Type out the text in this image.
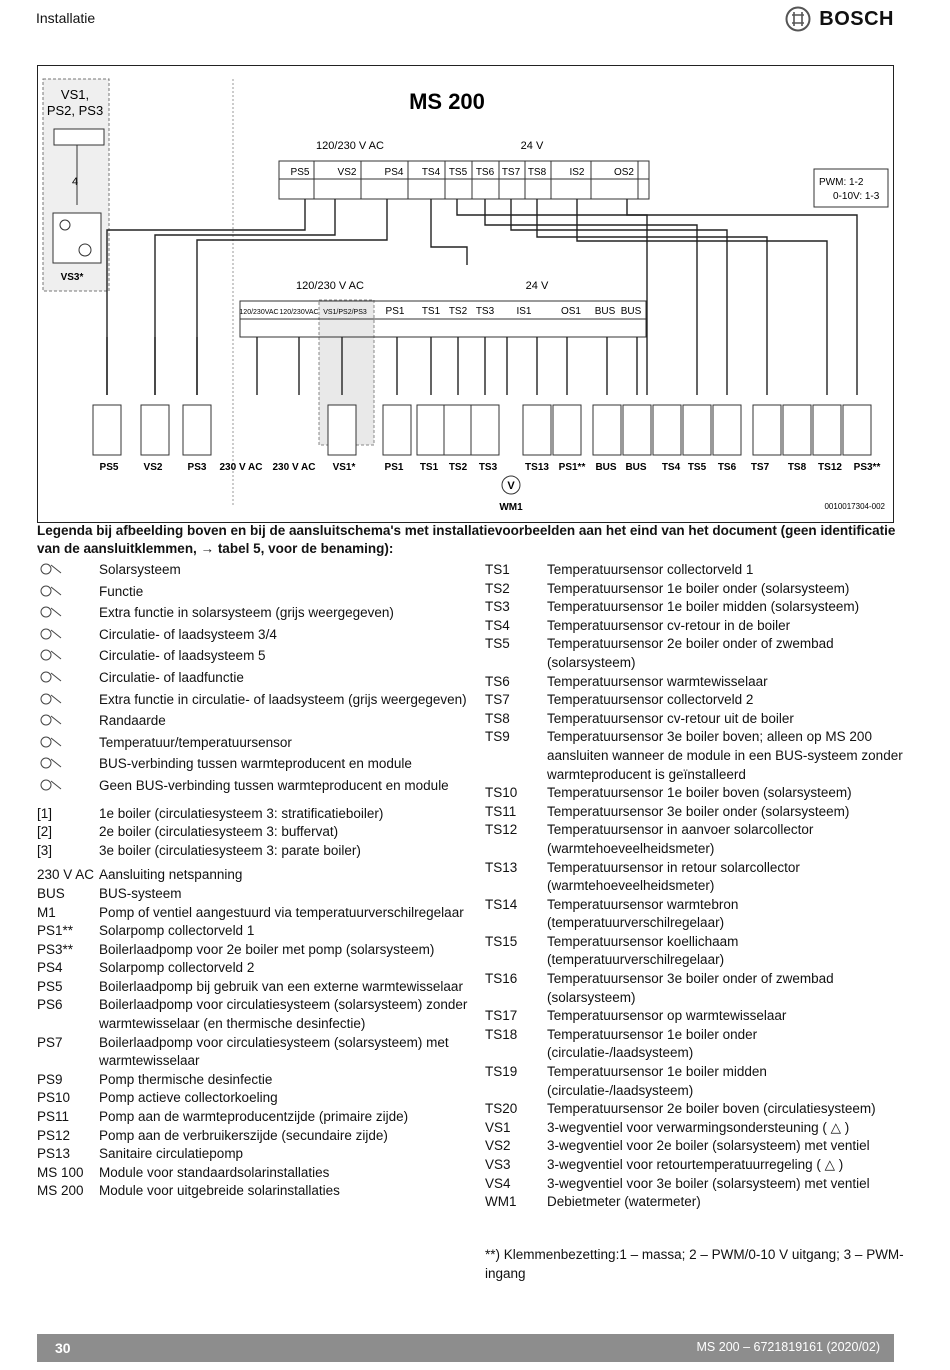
Installatie	BOSCH
VS1,
PS2, PS3
4
VS3*
MS 200
120/230 V AC	24 V
PS5	VS2	PS4 TS4 TS5 TS6 TS7 TS8 IS2	OS2
PWM: 1-2
0-10V: 1-3
120/230 V AC	24 V
120/230VAC 120/230VAC VS1/PS2/PS3 PS1 TS1 TS2 TS3 IS1	OS1 BUS BUS
PS5	VS2	PS3 230 V AC 230 V AC VS1*	PS1 TS1 TS2 TS3	TS13 PS1** BUS BUS TS4 TS5 TS6 TS7 TS8 TS12 PS3**
V
WM1	0010017304-002
Legenda bij afbeelding boven en bij de aansluitschema's met installatievoorbeelden aan het eind van het document (geen identificatie van de aansluitklemmen, → tabel 5, voor de benaming):
Solarsysteem
Functie
Extra functie in solarsysteem (grijs weergegeven)
Circulatie- of laadsysteem 3/4
Circulatie- of laadsysteem 5
Circulatie- of laadfunctie
Extra functie in circulatie- of laadsysteem (grijs weergegeven)
Randaarde
Temperatuur/temperatuursensor
BUS-verbinding tussen warmteproducent en module
Geen BUS-verbinding tussen warmteproducent en module
[1]	1e boiler (circulatiesysteem 3: stratificatieboiler)
[2]	2e boiler (circulatiesysteem 3: buffervat)
[3]	3e boiler (circulatiesysteem 3: parate boiler)
230 V AC Aansluiting netspanning
BUS	BUS-systeem
M1	Pomp of ventiel aangestuurd via temperatuurverschilregelaar
PS1**	Solarpomp collectorveld 1
PS3**	Boilerlaadpomp voor 2e boiler met pomp (solarsysteem)
PS4	Solarpomp collectorveld 2
PS5	Boilerlaadpomp bij gebruik van een externe warmtewisselaar
PS6	Boilerlaadpomp voor circulatiesysteem (solarsysteem) zonder warmtewisselaar (en thermische desinfectie)
PS7	Boilerlaadpomp voor circulatiesysteem (solarsysteem) met warmtewisselaar
PS9	Pomp thermische desinfectie
PS10	Pomp actieve collectorkoeling
PS11	Pomp aan de warmteproducentzijde (primaire zijde)
PS12	Pomp aan de verbruikerszijde (secundaire zijde)
PS13	Sanitaire circulatiepomp
MS 100	Module voor standaardsolarinstallaties
MS 200	Module voor uitgebreide solarinstallaties
TS1	Temperatuursensor collectorveld 1
TS2	Temperatuursensor 1e boiler onder (solarsysteem)
TS3	Temperatuursensor 1e boiler midden (solarsysteem)
TS4	Temperatuursensor cv-retour in de boiler
TS5	Temperatuursensor 2e boiler onder of zwembad (solarsysteem)
TS6	Temperatuursensor warmtewisselaar
TS7	Temperatuursensor collectorveld 2
TS8	Temperatuursensor cv-retour uit de boiler
TS9	Temperatuursensor 3e boiler boven; alleen op MS 200 aansluiten wanneer de module in een BUS-systeem zonder warmteproducent is geïnstalleerd
TS10	Temperatuursensor 1e boiler boven (solarsysteem)
TS11	Temperatuursensor 3e boiler onder (solarsysteem)
TS12	Temperatuursensor in aanvoer solarcollector (warmtehoeveelheidsmeter)
TS13	Temperatuursensor in retour solarcollector (warmtehoeveelheidsmeter)
TS14	Temperatuursensor warmtebron (temperatuurverschilregelaar)
TS15	Temperatuursensor koellichaam (temperatuurverschilregelaar)
TS16	Temperatuursensor 3e boiler onder of zwembad (solarsysteem)
TS17	Temperatuursensor op warmtewisselaar
TS18	Temperatuursensor 1e boiler onder (circulatie-/laadsysteem)
TS19	Temperatuursensor 1e boiler midden (circulatie-/laadsysteem)
TS20	Temperatuursensor 2e boiler boven (circulatiesysteem)
VS1	3-wegventiel voor verwarmingsondersteuning ( △ )
VS2	3-wegventiel voor 2e boiler (solarsysteem) met ventiel
VS3	3-wegventiel voor retourtemperatuurregeling ( △ )
VS4	3-wegventiel voor 3e boiler (solarsysteem) met ventiel
WM1	Debietmeter (watermeter)
**) Klemmenbezetting:1 – massa; 2 – PWM/0-10 V uitgang; 3 – PWM-ingang
30	MS 200 – 6721819161 (2020/02)
